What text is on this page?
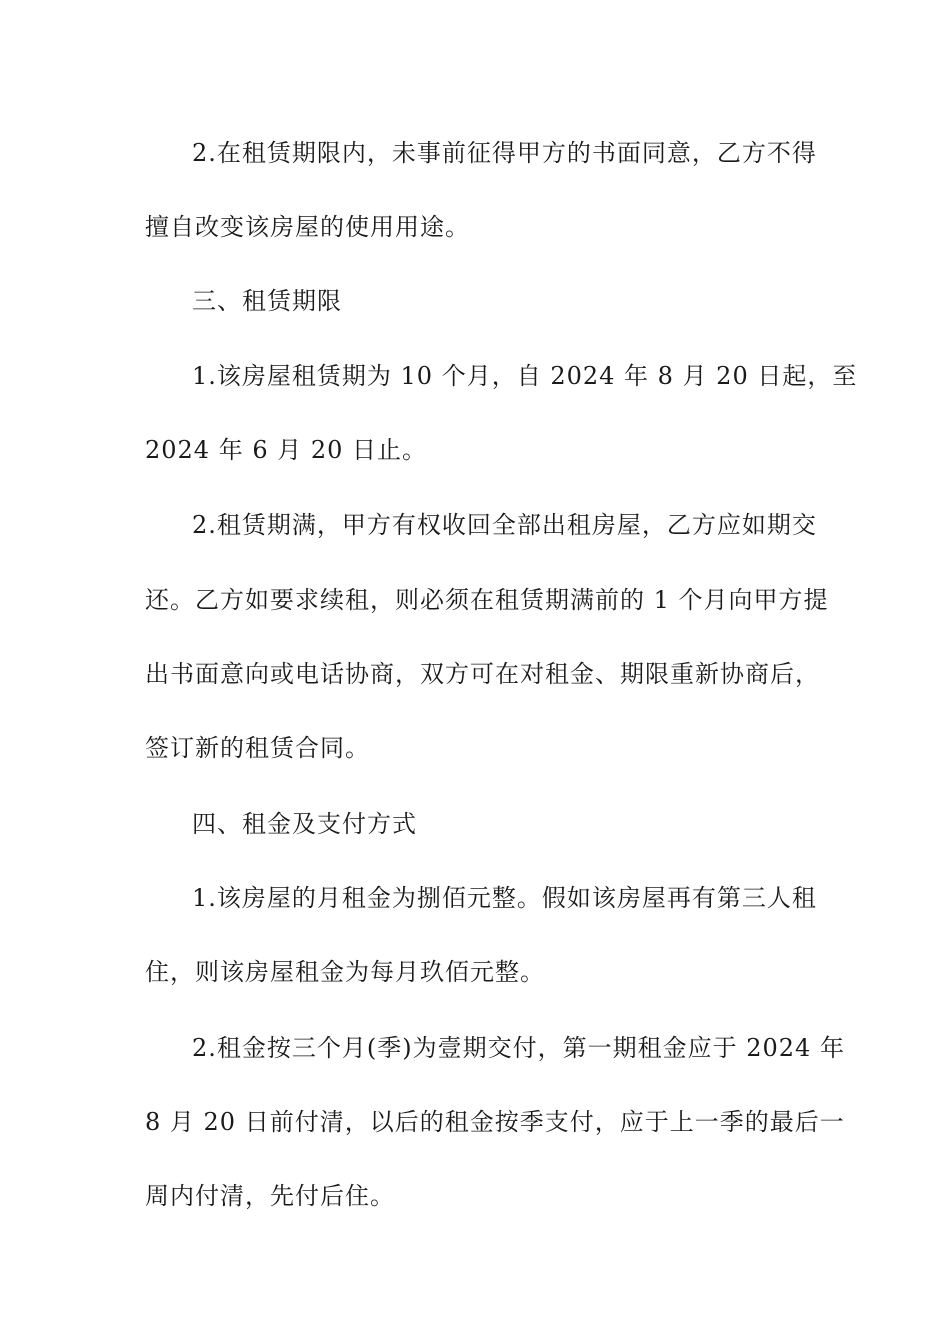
2.在租赁期限内，未事前征得甲方的书面同意，乙方不得
擅自改变该房屋的使用用途。
三、租赁期限
1.该房屋租赁期为 10 个月，自 2024 年 8 月 20 日起，至
2024 年 6 月 20 日止。
2.租赁期满，甲方有权收回全部出租房屋，乙方应如期交
还。乙方如要求续租，则必须在租赁期满前的 1 个月向甲方提
出书面意向或电话协商，双方可在对租金、期限重新协商后，
签订新的租赁合同。
四、租金及支付方式
1.该房屋的月租金为捌佰元整。假如该房屋再有第三人租
住，则该房屋租金为每月玖佰元整。
2.租金按三个月(季)为壹期交付，第一期租金应于 2024 年
8 月 20 日前付清，以后的租金按季支付，应于上一季的最后一
周内付清，先付后住。
